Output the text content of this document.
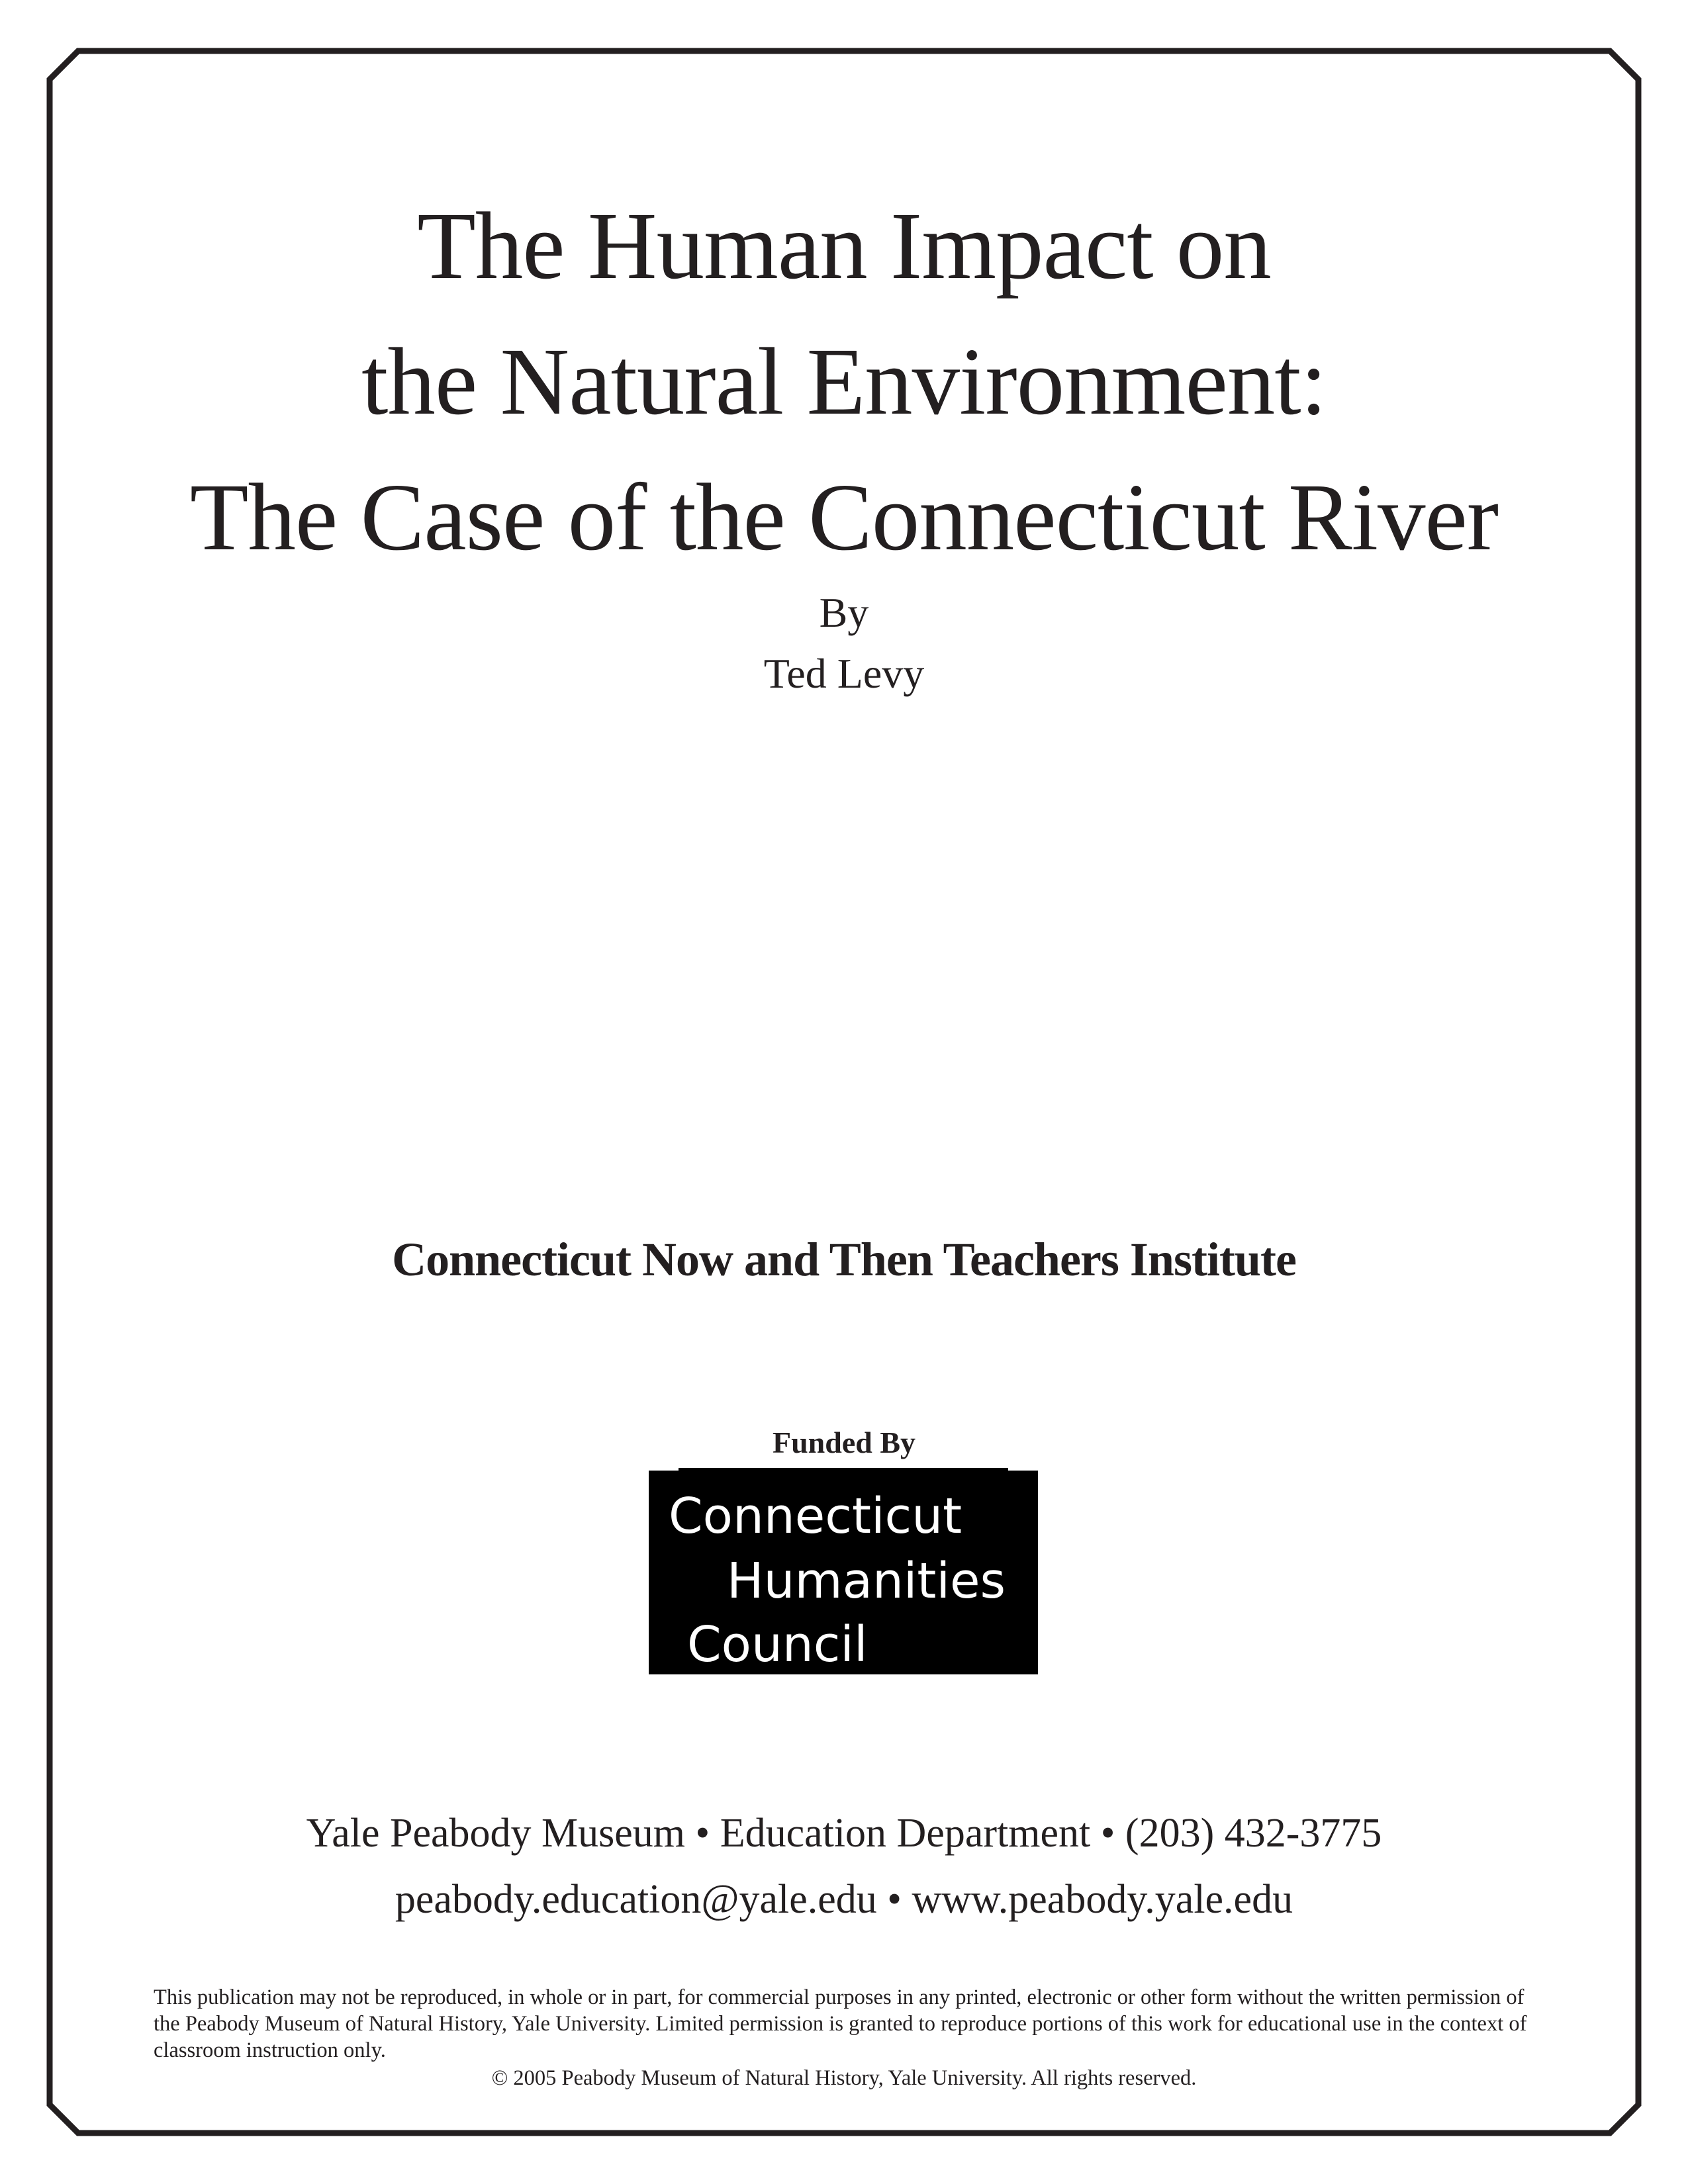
The Human Impact on
the Natural Environment:
The Case of the Connecticut River
By
Ted Levy
Connecticut Now and Then Teachers Institute
Funded By
Connecticut
Humanities
Council
Yale Peabody Museum • Education Department • (203) 432-3775
peabody.education@yale.edu • www.peabody.yale.edu
This publication may not be reproduced, in whole or in part, for commercial purposes in any printed, electronic or other form without the written permission of the Peabody Museum of Natural History, Yale University. Limited permission is granted to reproduce portions of this work for educational use in the context of classroom instruction only.
© 2005 Peabody Museum of Natural History, Yale University. All rights reserved.
